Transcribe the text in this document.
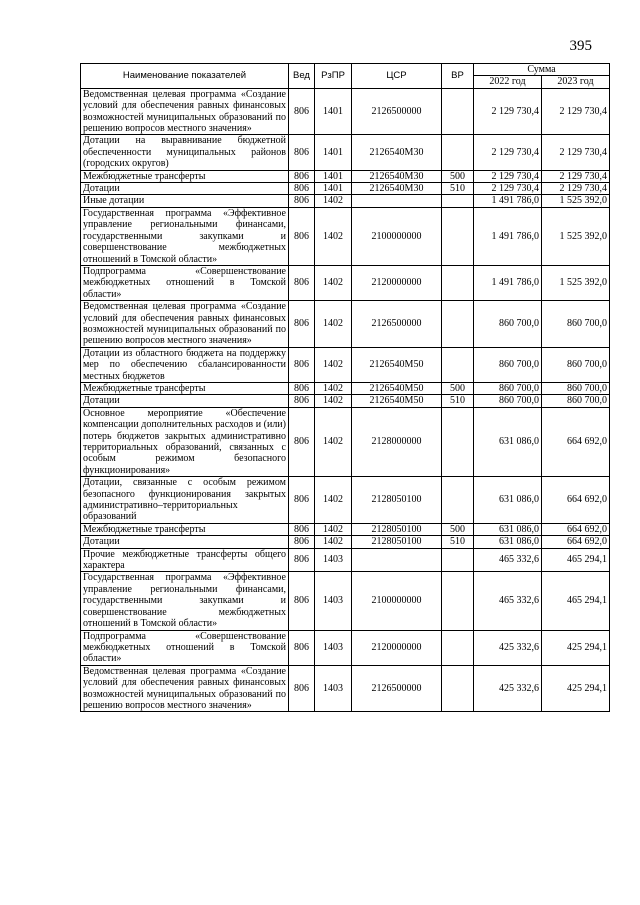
395
Наименование показателей	Вед	РзПР	ЦСР	ВР	Сумма	
					2022 год	2023 год
Ведомственная целевая программа «Создание условий для обеспечения равных финансовых возможностей муниципальных образований по решению вопросов местного значения»	806	1401	2126500000		2 129 730,4	2 129 730,4
Дотации на выравнивание бюджетной обеспеченности муниципальных районов (городских округов)	806	1401	2126540М30		2 129 730,4	2 129 730,4
Межбюджетные трансферты	806	1401	2126540М30	500	2 129 730,4	2 129 730,4
Дотации	806	1401	2126540М30	510	2 129 730,4	2 129 730,4
Иные дотации	806	1402			1 491 786,0	1 525 392,0
Государственная программа «Эффективное управление региональными финансами, государственными закупками и совершенствование межбюджетных отношений в Томской области»	806	1402	2100000000		1 491 786,0	1 525 392,0
Подпрограмма «Совершенствование межбюджетных отношений в Томской области»	806	1402	2120000000		1 491 786,0	1 525 392,0
Ведомственная целевая программа «Создание условий для обеспечения равных финансовых возможностей муниципальных образований по решению вопросов местного значения»	806	1402	2126500000		860 700,0	860 700,0
Дотации из областного бюджета на поддержку мер по обеспечению сбалансированности местных бюджетов	806	1402	2126540М50		860 700,0	860 700,0
Межбюджетные трансферты	806	1402	2126540М50	500	860 700,0	860 700,0
Дотации	806	1402	2126540М50	510	860 700,0	860 700,0
Основное мероприятие «Обеспечение компенсации дополнительных расходов и (или) потерь бюджетов закрытых административно территориальных образований, связанных с особым режимом безопасного функционирования»	806	1402	2128000000		631 086,0	664 692,0
Дотации, связанные с особым режимом безопасного функционирования закрытых административно–территориальных образований	806	1402	2128050100		631 086,0	664 692,0
Межбюджетные трансферты	806	1402	2128050100	500	631 086,0	664 692,0
Дотации	806	1402	2128050100	510	631 086,0	664 692,0
Прочие межбюджетные трансферты общего характера	806	1403			465 332,6	465 294,1
Государственная программа «Эффективное управление региональными финансами, государственными закупками и совершенствование межбюджетных отношений в Томской области»	806	1403	2100000000		465 332,6	465 294,1
Подпрограмма «Совершенствование межбюджетных отношений в Томской области»	806	1403	2120000000		425 332,6	425 294,1
Ведомственная целевая программа «Создание условий для обеспечения равных финансовых возможностей муниципальных образований по решению вопросов местного значения»	806	1403	2126500000		425 332,6	425 294,1
